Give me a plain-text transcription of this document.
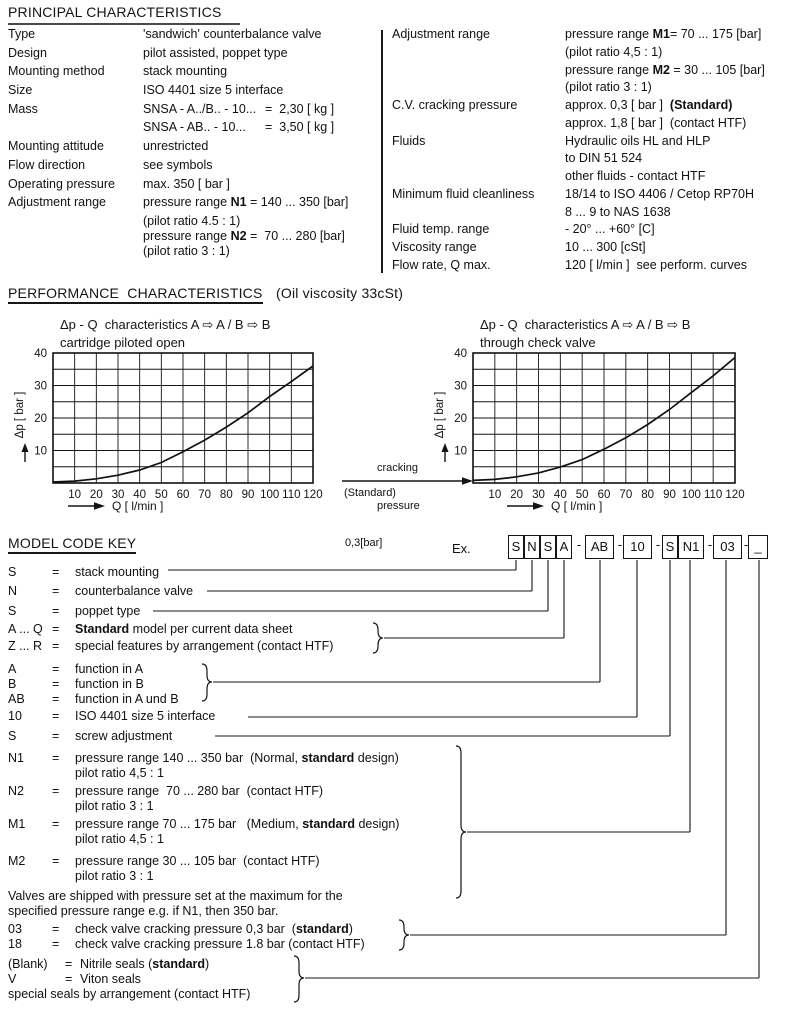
PRINCIPAL CHARACTERISTICS
Type	'sandwich' counterbalance valve
Design	pilot assisted, poppet type
Mounting method	stack mounting
Size	ISO 4401 size 5 interface
Mass	SNSA - A../B.. - 10... =  2,30 [ kg ]
SNSA - AB.. - 10... =  3,50 [ kg ]
Mounting attitude	unrestricted
Flow direction	see symbols
Operating pressure max. 350 [ bar ]
Adjustment range	pressure range N1 = 140 ... 350 [bar]
(pilot ratio 4.5 : 1)
pressure range N2 =  70 ... 280 [bar]
(pilot ratio 3 : 1)
Adjustment range	pressure range M1= 70 ... 175 [bar]
(pilot ratio 4,5 : 1)
pressure range M2 = 30 ... 105 [bar]
(pilot ratio 3 : 1)
C.V. cracking pressure	approx. 0,3 [ bar ]  (Standard)
approx. 1,8 [ bar ]  (contact HTF)
Fluids	Hydraulic oils HL and HLP
to DIN 51 524
other fluids - contact HTF
Minimum fluid cleanliness 18/14 to ISO 4406 / Cetop RP70H
8 ... 9 to NAS 1638
Fluid temp. range	- 20° ... +60° [C]
Viscosity range	10 ... 300 [cSt]
Flow rate, Q max.	120 [ l/min ]  see perform. curves
PERFORMANCE  CHARACTERISTICS (Oil viscosity 33cSt)
Δp - Q  characteristics A ⇨ A / B ⇨ B
cartridge piloted open
10
20
30
40
10 20 30 40 50 60 70 80 90 100 110 120
Δp [ bar ]
Q [ l/min ]
Δp - Q  characteristics A ⇨ A / B ⇨ B
through check valve
10
20
30
40
10 20 30 40 50 60 70 80 90 100 110 120
Δp [ bar ]
Q [ l/min ]

cracking

pressure

0,3[bar]

(Standard)
MODEL CODE KEY	Ex.	S N S A	AB	10	S N1	03	_
-	-	-	- -
S	= stack mounting
N	= counterbalance valve
S	= poppet type
A ... Q = Standard model per current data sheet
Z ... R = special features by arrangement (contact HTF)
A	= function in A
B	= function in B
AB = function in A und B
10 = ISO 4401 size 5 interface
S	= screw adjustment
N1 = pressure range 140 ... 350 bar  (Normal, standard design)
pilot ratio 4,5 : 1
N2 = pressure range  70 ... 280 bar  (contact HTF)
pilot ratio 3 : 1
M1 = pressure range 70 ... 175 bar   (Medium, standard design)
pilot ratio 4,5 : 1
M2 = pressure range 30 ... 105 bar  (contact HTF)
pilot ratio 3 : 1
03 = check valve cracking pressure 0,3 bar  (standard)
18 = check valve cracking pressure 1.8 bar (contact HTF)
(Blank) = Nitrile seals (standard)
V	= Viton seals
Valves are shipped with pressure set at the maximum for the
specified pressure range e.g. if N1, then 350 bar.
special seals by arrangement (contact HTF)
